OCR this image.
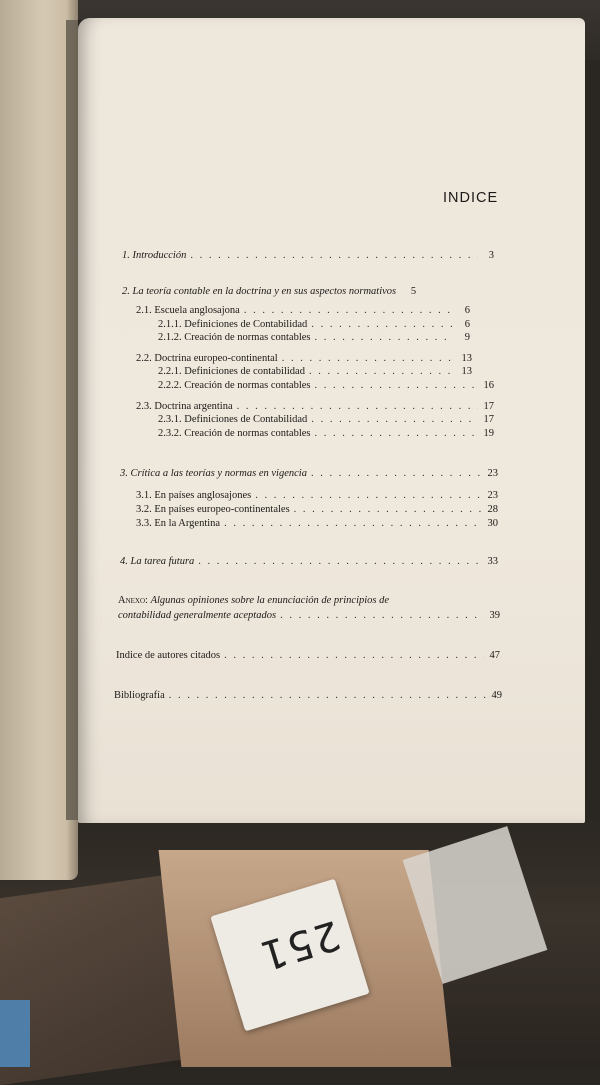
251
INDICE
1. Introducción . . .	3
2. La teoría contable en la doctrina y en sus aspectos normativos	5
2.1. Escuela anglosajona . . .	6
2.1.1. Definiciones de Contabilidad . . .	6
2.1.2. Creación de normas contables . . .	9
2.2. Doctrina europeo-continental . . .	13
2.2.1. Definiciones de contabilidad . . .	13
2.2.2. Creación de normas contables . . .	16
2.3. Doctrina argentina . . .	17
2.3.1. Definiciones de Contabilidad . . .	17
2.3.2. Creación de normas contables . . .	19
3. Crítica a las teorías y normas en vigencia . . .	23
3.1. En países anglosajones . . .	23
3.2. En países europeo-continentales . . .	28
3.3. En la Argentina . . .	30
4. La tarea futura . . .	33
Anexo: Algunas opiniones sobre la enunciación de principios de
contabilidad generalmente aceptados . . .	39
Indice de autores citados . . .	47
Bibliografía . . .	49
